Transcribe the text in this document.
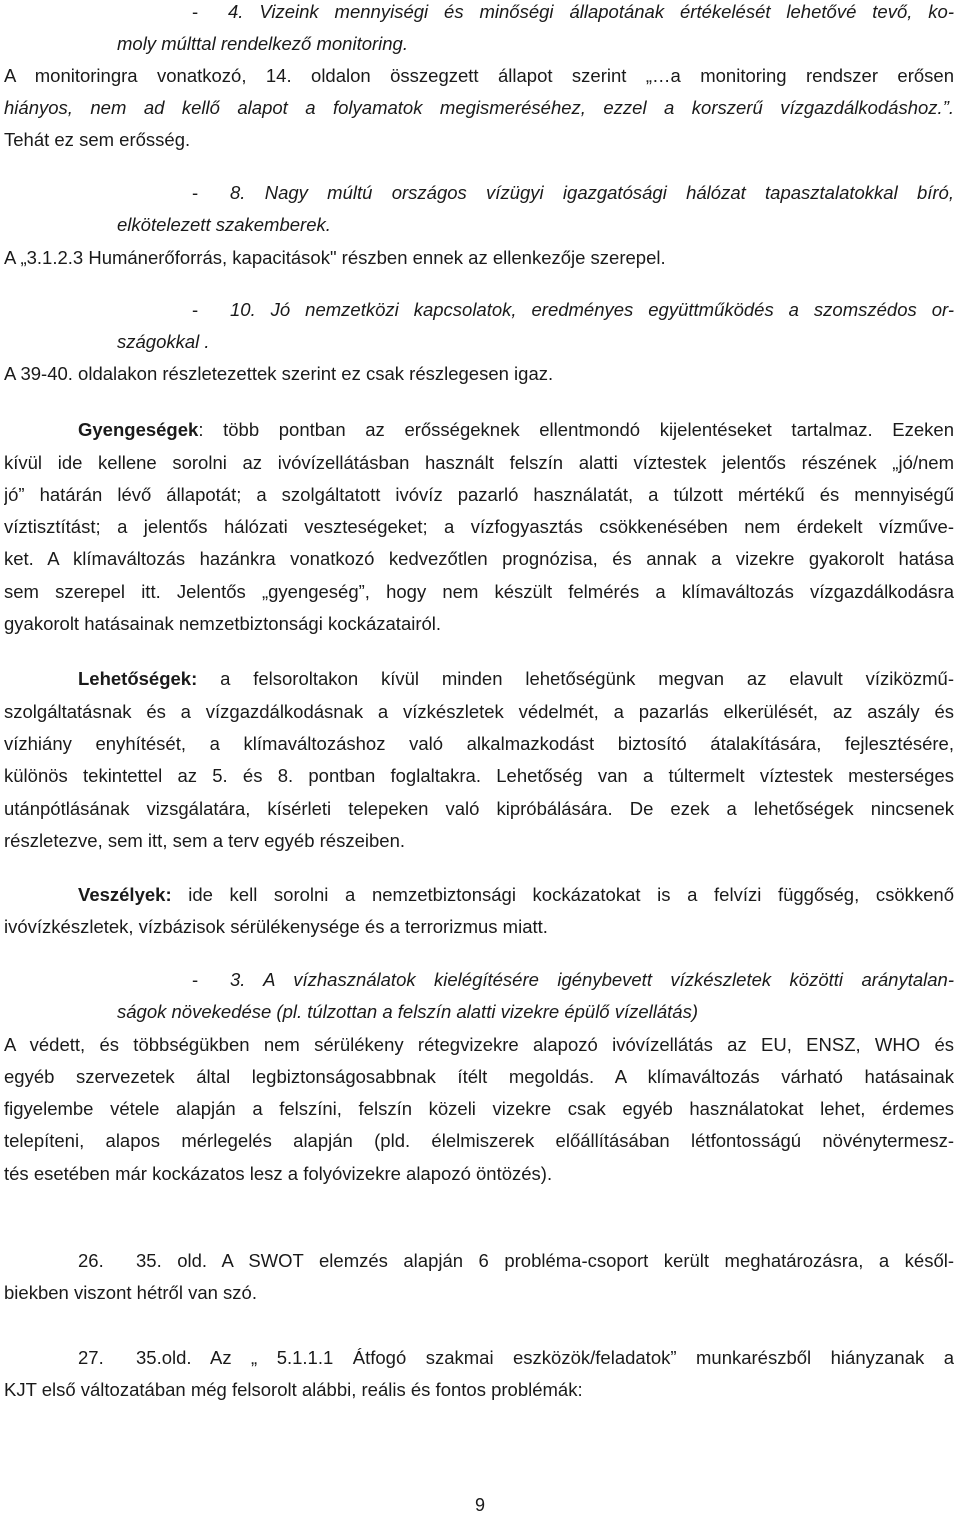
- 4. Vizeink mennyiségi és minőségi állapotának értékelését lehetővé tevő, ko-
moly múlttal rendelkező monitoring.
A monitoringra vonatkozó, 14. oldalon összegzett állapot szerint „…a monitoring rendszer erősen
hiányos, nem ad kellő alapot a folyamatok megismeréséhez, ezzel a korszerű vízgazdálkodáshoz.”.
Tehát ez sem erősség.
- 8. Nagy múltú országos vízügyi igazgatósági hálózat tapasztalatokkal bíró,
elkötelezett szakemberek.
A „3.1.2.3 Humánerőforrás, kapacitások" részben ennek az ellenkezője szerepel.
- 10. Jó nemzetközi kapcsolatok, eredményes együttműködés a szomszédos or-
szágokkal .
A 39-40. oldalakon részletezettek szerint ez csak részlegesen igaz.
Gyengeségek: több pontban az erősségeknek ellentmondó kijelentéseket tartalmaz. Ezeken
kívül ide kellene sorolni az ivóvízellátásban használt felszín alatti víztestek jelentős részének „jó/nem
jó” határán lévő állapotát; a szolgáltatott ivóvíz pazarló használatát, a túlzott mértékű és mennyiségű
víztisztítást; a jelentős hálózati veszteségeket; a vízfogyasztás csökkenésében nem érdekelt vízműve-
ket. A klímaváltozás hazánkra vonatkozó kedvezőtlen prognózisa, és annak a vizekre gyakorolt hatása
sem szerepel itt. Jelentős „gyengeség”, hogy nem készült felmérés a klímaváltozás vízgazdálkodásra
gyakorolt hatásainak nemzetbiztonsági kockázatairól.
Lehetőségek: a felsoroltakon kívül minden lehetőségünk megvan az elavult víziközmű-
szolgáltatásnak és a vízgazdálkodásnak a vízkészletek védelmét, a pazarlás elkerülését, az aszály és
vízhiány enyhítését, a klímaváltozáshoz való alkalmazkodást biztosító átalakítására, fejlesztésére,
különös tekintettel az 5. és 8. pontban foglaltakra. Lehetőség van a túltermelt víztestek mesterséges
utánpótlásának vizsgálatára, kísérleti telepeken való kipróbálására. De ezek a lehetőségek nincsenek
részletezve, sem itt, sem a terv egyéb részeiben.
Veszélyek: ide kell sorolni a nemzetbiztonsági kockázatokat is a felvízi függőség, csökkenő
ivóvízkészletek, vízbázisok sérülékenysége és a terrorizmus miatt.
- 3. A vízhasználatok kielégítésére igénybevett vízkészletek közötti aránytalan-
ságok növekedése (pl. túlzottan a felszín alatti vizekre épülő vízellátás)
A védett, és többségükben nem sérülékeny rétegvizekre alapozó ivóvízellátás az EU, ENSZ, WHO és
egyéb szervezetek által legbiztonságosabbnak ítélt megoldás. A klímaváltozás várható hatásainak
figyelembe vétele alapján a felszíni, felszín közeli vizekre csak egyéb használatokat lehet, érdemes
telepíteni, alapos mérlegelés alapján (pld. élelmiszerek előállításában létfontosságú növénytermesz-
tés esetében már kockázatos lesz a folyóvizekre alapozó öntözés).
26. 35. old. A SWOT elemzés alapján 6 probléma-csoport került meghatározásra, a késől-
biekben viszont hétről van szó.
27. 35.old. Az „ 5.1.1.1 Átfogó szakmai eszközök/feladatok” munkarészből hiányzanak a
KJT első változatában még felsorolt alábbi, reális és fontos problémák:
9
